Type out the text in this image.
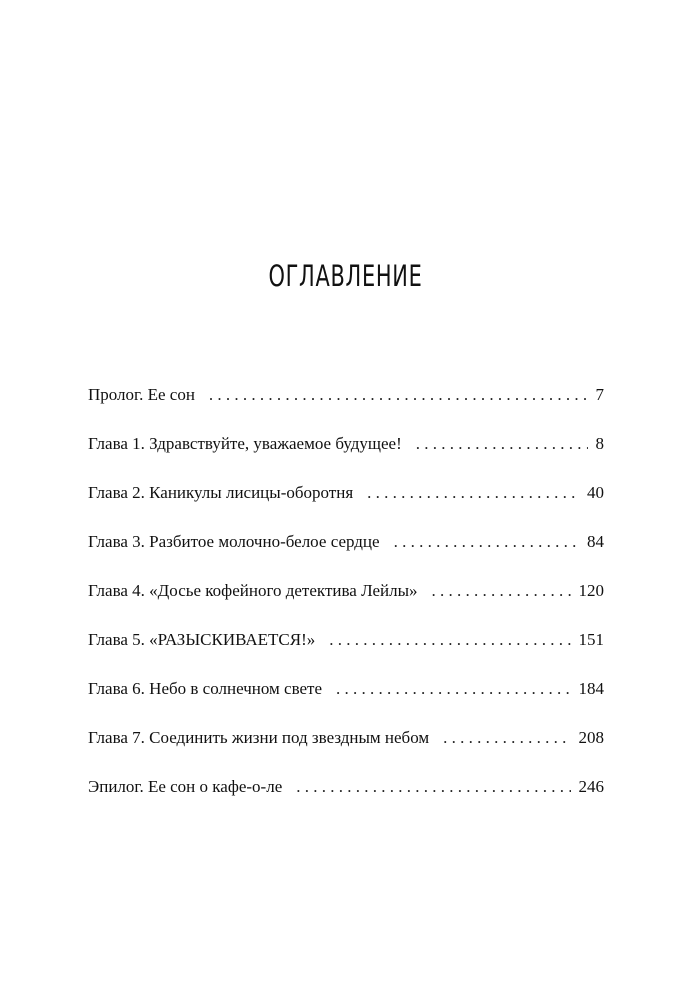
ОГЛАВЛЕНИЕ
Пролог. Ее сон . . .	7
Глава 1. Здравствуйте, уважаемое будущее! . . .	8
Глава 2. Каникулы лисицы-оборотня . . .	40
Глава 3. Разбитое молочно-белое сердце . . .	84
Глава 4. «Досье кофейного детектива Лейлы» . . .	120
Глава 5. «РАЗЫСКИВАЕТСЯ!» . . .	151
Глава 6. Небо в солнечном свете . . .	184
Глава 7. Соединить жизни под звездным небом . . .	208
Эпилог. Ее сон о кафе-о-ле . . .	246
